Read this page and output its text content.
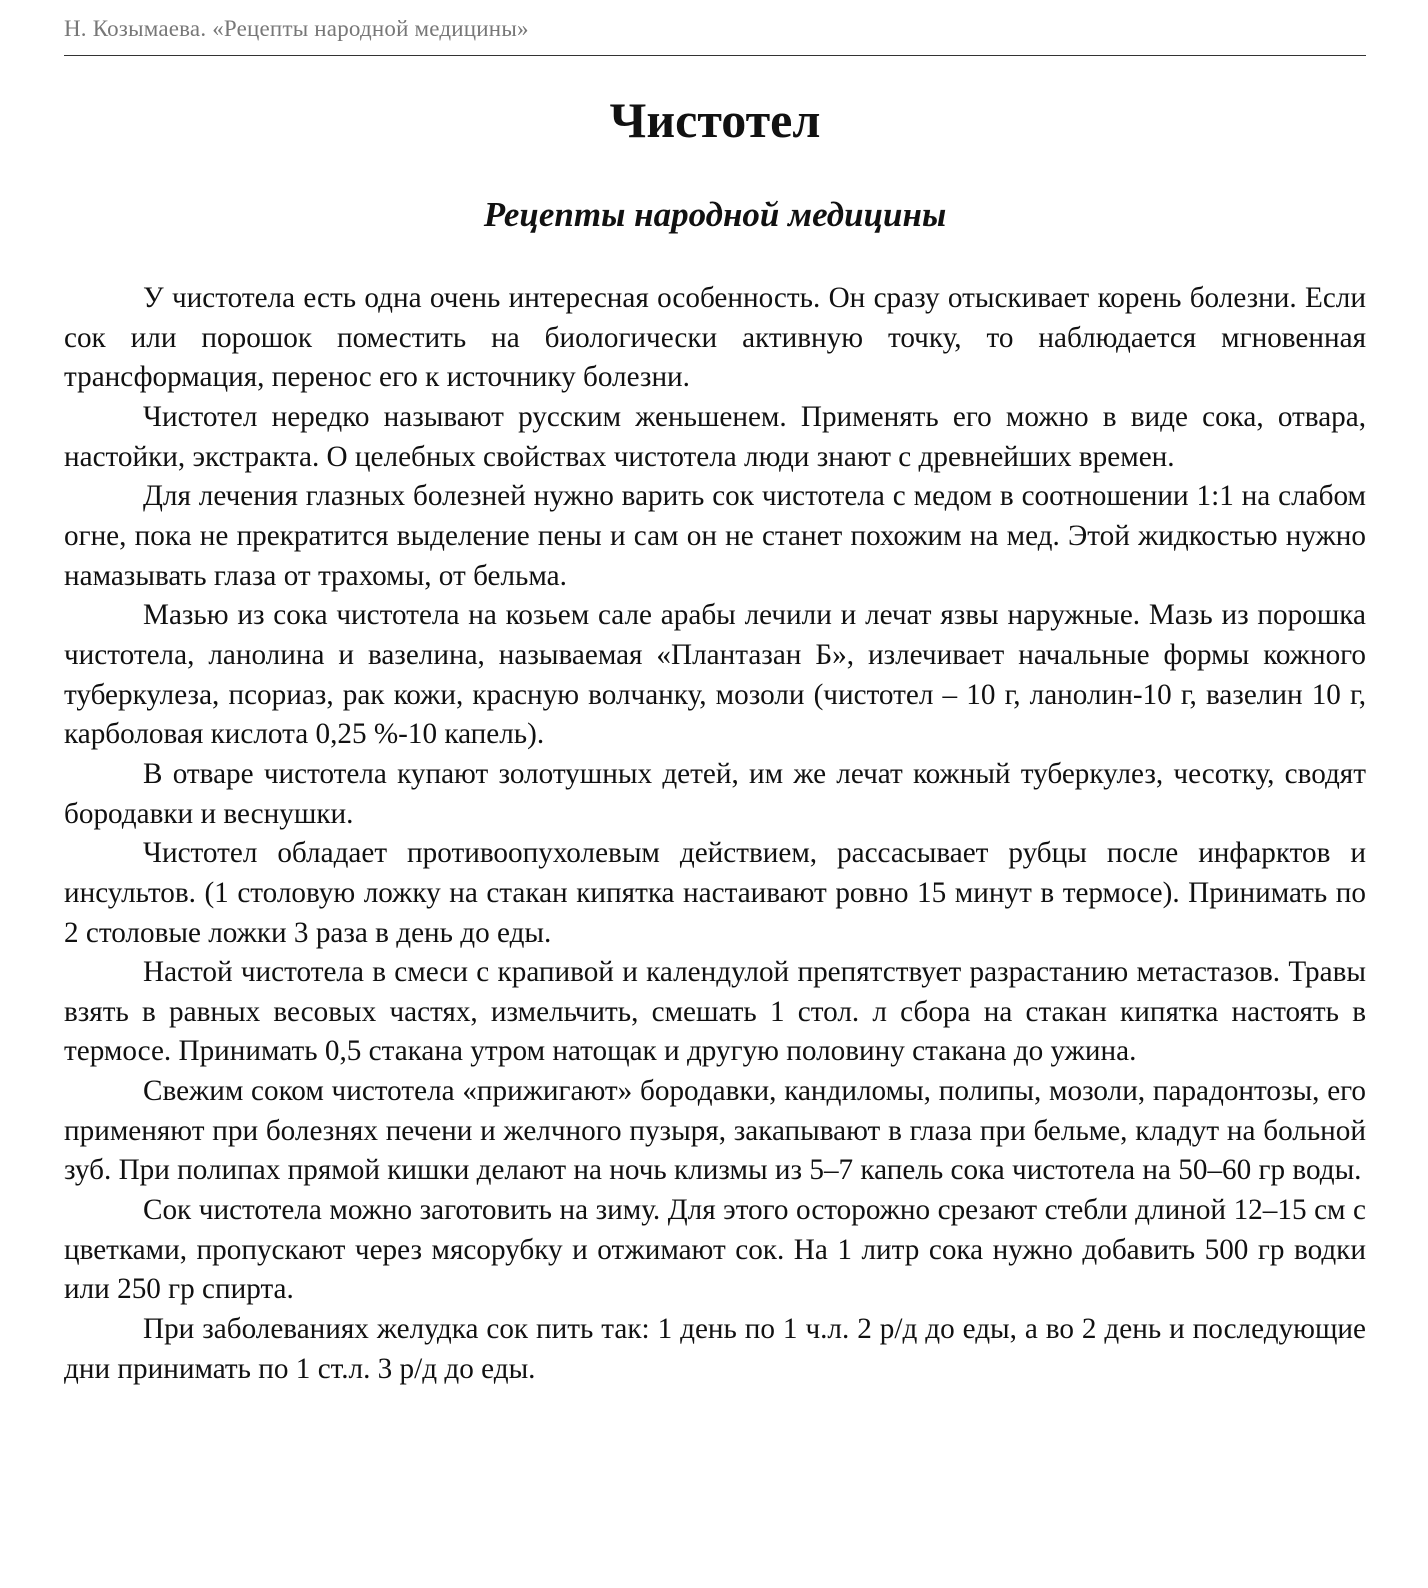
Н. Козымаева. «Рецепты народной медицины»
Чистотел
Рецепты народной медицины

У чистотела есть одна очень интересная особенность. Он сразу отыскивает корень болезни. Если сок или порошок поместить на биологически активную точку, то наблюдается мгновенная трансформация, перенос его к источнику болезни.

Чистотел нередко называют русским женьшенем. Применять его можно в виде сока, отвара, настойки, экстракта. О целебных свойствах чистотела люди знают с древнейших времен.

Для лечения глазных болезней нужно варить сок чистотела с медом в соотношении 1:1 на слабом огне, пока не прекратится выделение пены и сам он не станет похожим на мед. Этой жидкостью нужно намазывать глаза от трахомы, от бельма.

Мазью из сока чистотела на козьем сале арабы лечили и лечат язвы наружные. Мазь из порошка чистотела, ланолина и вазелина, называемая «Плантазан Б», излечивает начальные формы кожного туберкулеза, псориаз, рак кожи, красную волчанку, мозоли (чистотел – 10 г, ланолин-10 г, вазелин 10 г, карболовая кислота 0,25 %-10 капель).

В отваре чистотела купают золотушных детей, им же лечат кожный туберкулез, чесотку, сводят бородавки и веснушки.

Чистотел обладает противоопухолевым действием, рассасывает рубцы после инфарктов и инсультов. (1 столовую ложку на стакан кипятка настаивают ровно 15 минут в термосе). Принимать по 2 столовые ложки 3 раза в день до еды.

Настой чистотела в смеси с крапивой и календулой препятствует разрастанию метастазов. Травы взять в равных весовых частях, измельчить, смешать 1 стол. л сбора на стакан кипятка настоять в термосе. Принимать 0,5 стакана утром натощак и другую половину стакана до ужина.

Свежим соком чистотела «прижигают» бородавки, кандиломы, полипы, мозоли, парадонтозы, его применяют при болезнях печени и желчного пузыря, закапывают в глаза при бельме, кладут на больной зуб. При полипах прямой кишки делают на ночь клизмы из 5–7 капель сока чистотела на 50–60 гр воды.

Сок чистотела можно заготовить на зиму. Для этого осторожно срезают стебли длиной 12–15 см с цветками, пропускают через мясорубку и отжимают сок. На 1 литр сока нужно добавить 500 гр водки или 250 гр спирта.

При заболеваниях желудка сок пить так: 1 день по 1 ч.л. 2 р/д до еды, а во 2 день и последующие дни принимать по 1 ст.л. 3 р/д до еды.
